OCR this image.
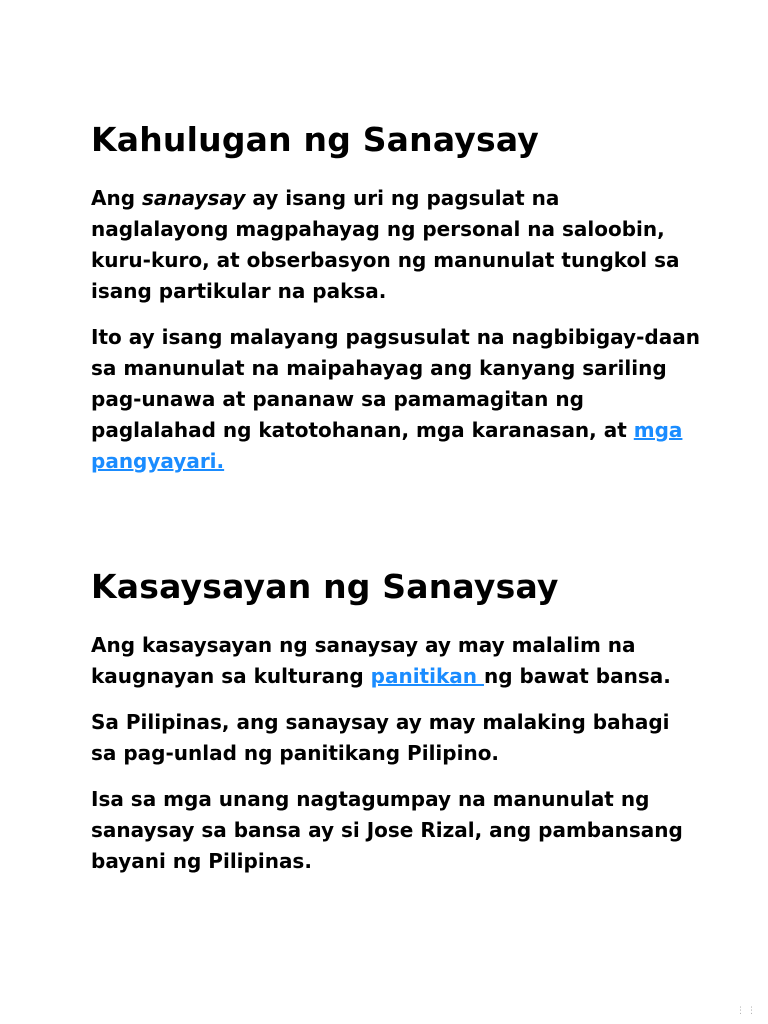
Kahulugan ng Sanaysay

Ang sanaysay ay isang uri ng pagsulat na naglalayong magpahayag ng personal na saloobin, kuru-kuro, at obserbasyon ng manunulat tungkol sa isang partikular na paksa.

Ito ay isang malayang pagsusulat na nagbibigay-daan sa manunulat na maipahayag ang kanyang sariling pag-unawa at pananaw sa pamamagitan ng paglalahad ng katotohanan, mga karanasan, at mga pangyayari.

Kasaysayan ng Sanaysay

Ang kasaysayan ng sanaysay ay may malalim na kaugnayan sa kulturang panitikan ng bawat bansa.

Sa Pilipinas, ang sanaysay ay may malaking bahagi sa pag-unlad ng panitikang Pilipino.

Isa sa mga unang nagtagumpay na manunulat ng sanaysay sa bansa ay si Jose Rizal, ang pambansang bayani ng Pilipinas.

⋮⋮
